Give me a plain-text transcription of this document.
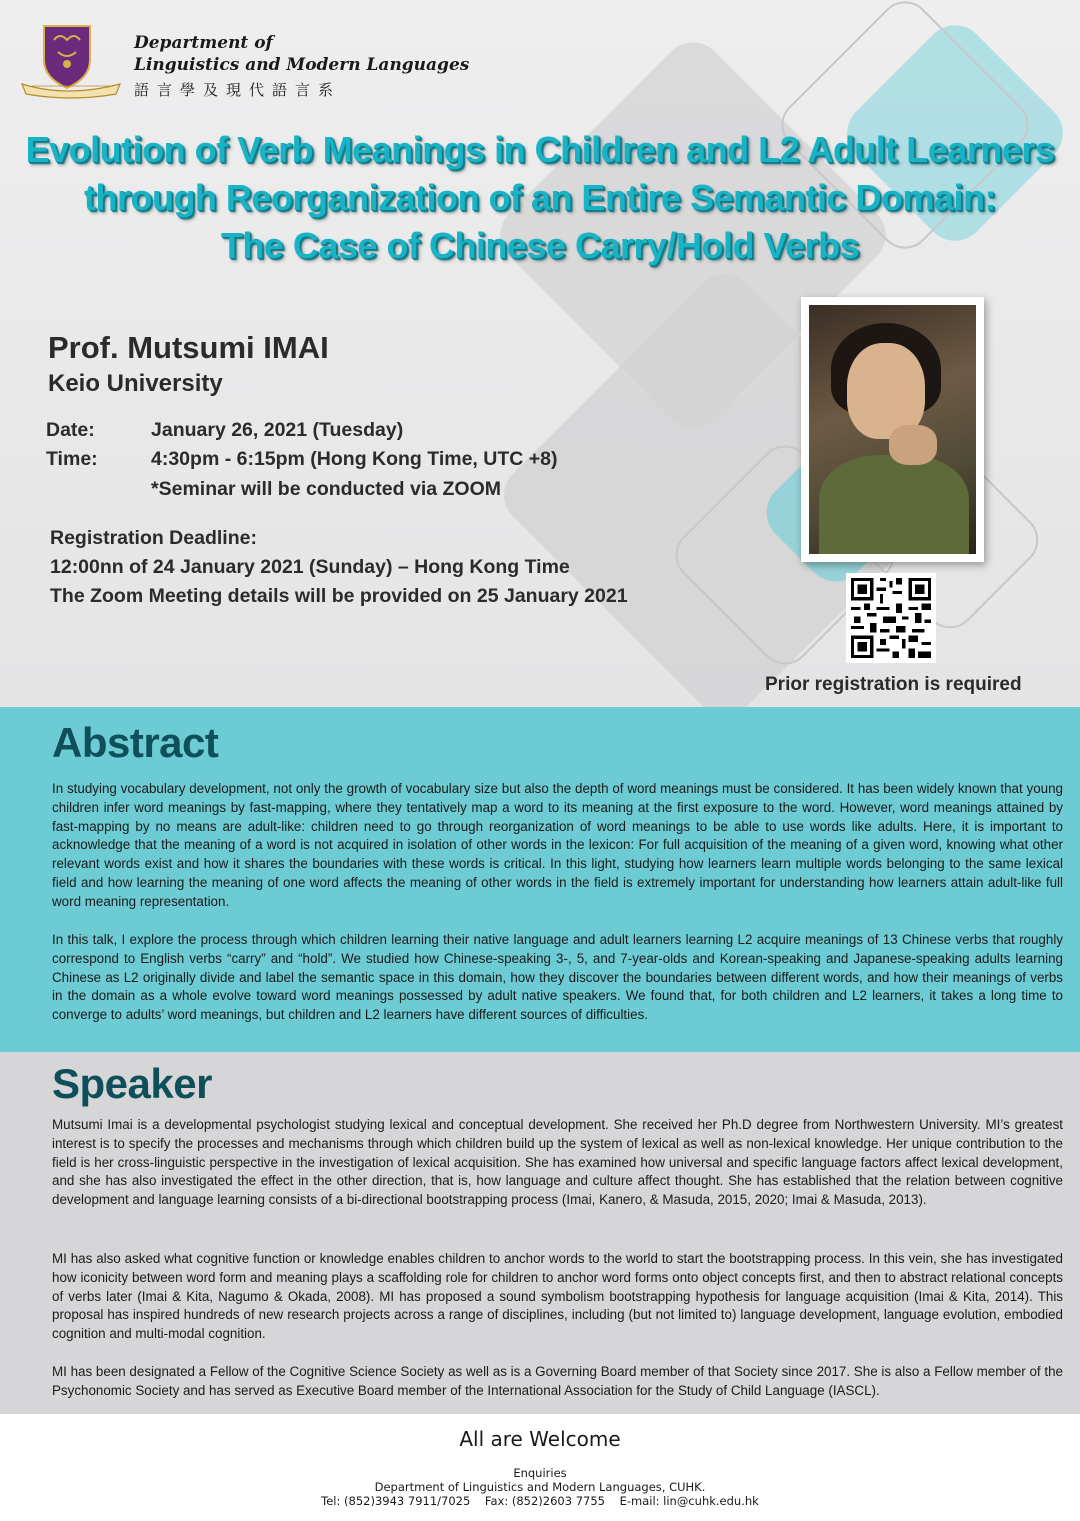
Department of
Linguistics and Modern Languages
語言學及現代語言系
Evolution of Verb Meanings in Children and L2 Adult Learners
through Reorganization of an Entire Semantic Domain:
The Case of Chinese Carry/Hold Verbs
Prof. Mutsumi IMAI
Keio University
Date:	January 26, 2021 (Tuesday)
Time:	4:30pm - 6:15pm (Hong Kong Time, UTC +8)
*Seminar will be conducted via ZOOM
Registration Deadline:
12:00nn of 24 January 2021 (Sunday) – Hong Kong Time
The Zoom Meeting details will be provided on 25 January 2021
Prior registration is required
Abstract

In studying vocabulary development, not only the growth of vocabulary size but also the depth of word meanings must be considered. It has been widely known that young children infer word meanings by fast-mapping, where they tentatively map a word to its meaning at the first exposure to the word. However, word meanings attained by fast-mapping by no means are adult-like: children need to go through reorganization of word meanings to be able to use words like adults. Here, it is important to acknowledge that the meaning of a word is not acquired in isolation of other words in the lexicon: For full acquisition of the meaning of a given word, knowing what other relevant words exist and how it shares the boundaries with these words is critical. In this light, studying how learners learn multiple words belonging to the same lexical field and how learning the meaning of one word affects the meaning of other words in the field is extremely important for understanding how learners attain adult-like full word meaning representation.

In this talk, I explore the process through which children learning their native language and adult learners learning L2 acquire meanings of 13 Chinese verbs that roughly correspond to English verbs “carry” and “hold”. We studied how Chinese-speaking 3-, 5, and 7-year-olds and Korean-speaking and Japanese-speaking adults learning Chinese as L2 originally divide and label the semantic space in this domain, how they discover the boundaries between different words, and how their meanings of verbs in the domain as a whole evolve toward word meanings possessed by adult native speakers. We found that, for both children and L2 learners, it takes a long time to converge to adults’ word meanings, but children and L2 learners have different sources of difficulties.

Speaker

Mutsumi Imai is a developmental psychologist studying lexical and conceptual development. She received her Ph.D degree from Northwestern University. MI’s greatest interest is to specify the processes and mechanisms through which children build up the system of lexical as well as non-lexical knowledge. Her unique contribution to the field is her cross-linguistic perspective in the investigation of lexical acquisition. She has examined how universal and specific language factors affect lexical development, and she has also investigated the effect in the other direction, that is, how language and culture affect thought. She has established that the relation between cognitive development and language learning consists of a bi-directional bootstrapping process (Imai, Kanero, & Masuda, 2015, 2020; Imai & Masuda, 2013).

MI has also asked what cognitive function or knowledge enables children to anchor words to the world to start the bootstrapping process. In this vein, she has investigated how iconicity between word form and meaning plays a scaffolding role for children to anchor word forms onto object concepts first, and then to abstract relational concepts of verbs later (Imai & Kita, Nagumo & Okada, 2008). MI has proposed a sound symbolism bootstrapping hypothesis for language acquisition (Imai & Kita, 2014). This proposal has inspired hundreds of new research projects across a range of disciplines, including (but not limited to) language development, language evolution, embodied cognition and multi-modal cognition.

MI has been designated a Fellow of the Cognitive Science Society as well as is a Governing Board member of that Society since 2017. She is also a Fellow member of the Psychonomic Society and has served as Executive Board member of the International Association for the Study of Child Language (IASCL).

All are Welcome
Enquiries
Department of Linguistics and Modern Languages, CUHK.
Tel: (852)3943 7911/7025    Fax: (852)2603 7755    E-mail: lin@cuhk.edu.hk
